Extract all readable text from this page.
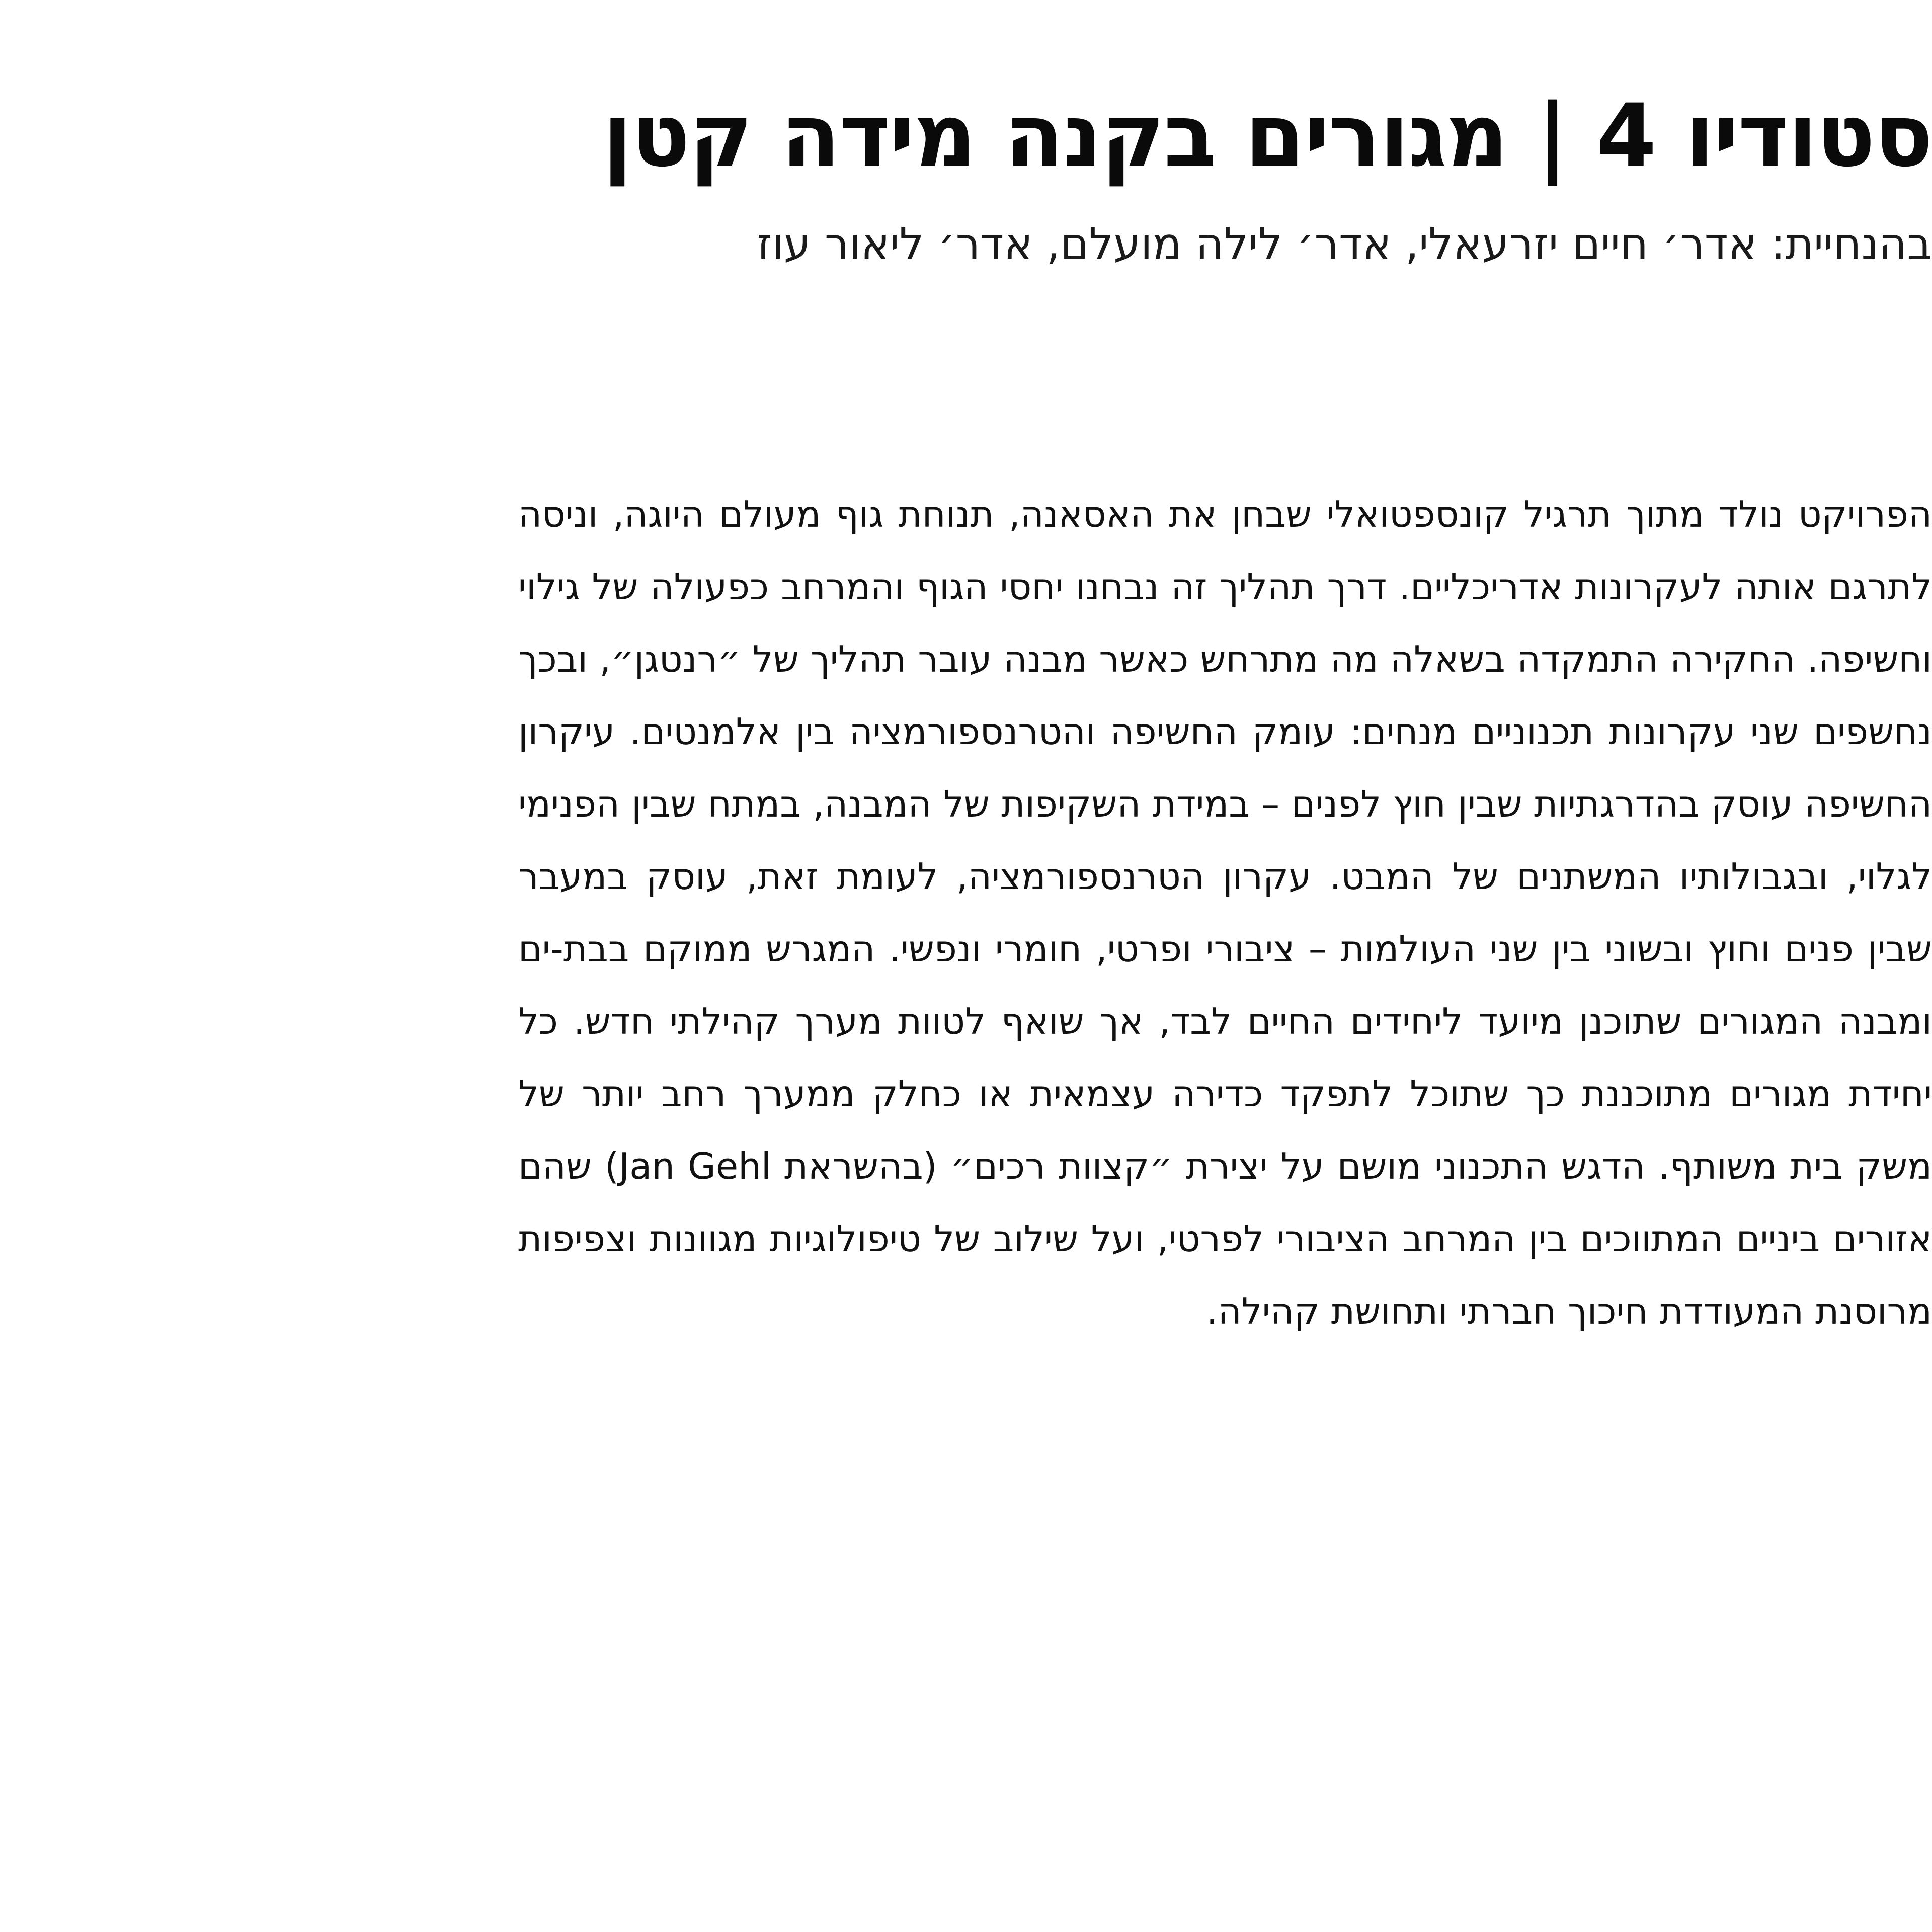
סטודיו 4 | מגורים בקנה מידה קטן

בהנחיית: אדר׳ חיים יזרעאלי, אדר׳ לילה מועלם, אדר׳ ליאור עוז

הפרויקט נולד מתוך תרגיל קונספטואלי שבחן את האסאנה, תנוחת גוף מעולם היוגה, וניסה לתרגם אותה לעקרונות אדריכליים. דרך תהליך זה נבחנו יחסי הגוף והמרחב כפעולה של גילוי וחשיפה. החקירה התמקדה בשאלה מה מתרחש כאשר מבנה עובר תהליך של ״רנטגן״, ובכך נחשפים שני עקרונות תכנוניים מנחים: עומק החשיפה והטרנספורמציה בין אלמנטים. עיקרון החשיפה עוסק בהדרגתיות שבין חוץ לפנים – במידת השקיפות של המבנה, במתח שבין הפנימי לגלוי, ובגבולותיו המשתנים של המבט. עקרון הטרנספורמציה, לעומת זאת, עוסק במעבר שבין פנים וחוץ ובשוני בין שני העולמות – ציבורי ופרטי, חומרי ונפשי. המגרש ממוקם בבת-ים ומבנה המגורים שתוכנן מיועד ליחידים החיים לבד, אך שואף לטוות מערך קהילתי חדש. כל יחידת מגורים מתוכננת כך שתוכל לתפקד כדירה עצמאית או כחלק ממערך רחב יותר של משק בית משותף. הדגש התכנוני מושם על יצירת ״קצוות רכים״ (בהשראת Jan Gehl) שהם אזורים ביניים המתווכים בין המרחב הציבורי לפרטי, ועל שילוב של טיפולוגיות מגוונות וצפיפות מרוסנת המעודדת חיכוך חברתי ותחושת קהילה.
